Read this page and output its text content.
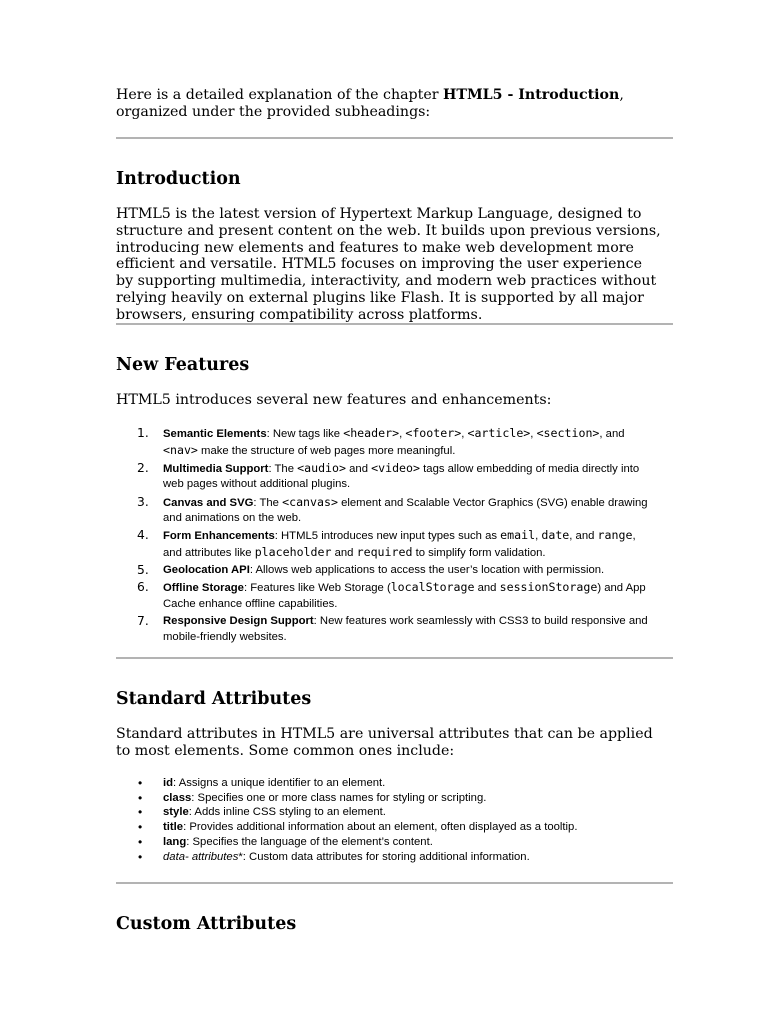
Here is a detailed explanation of the chapter HTML5 - Introduction, organized under the provided subheadings:

Introduction

HTML5 is the latest version of Hypertext Markup Language, designed to structure and present content on the web. It builds upon previous versions, introducing new elements and features to make web development more efficient and versatile. HTML5 focuses on improving the user experience by supporting multimedia, interactivity, and modern web practices without relying heavily on external plugins like Flash. It is supported by all major browsers, ensuring compatibility across platforms.

New Features

HTML5 introduces several new features and enhancements:

1. Semantic Elements: New tags like <header>, <footer>, <article>, <section>, and <nav> make the structure of web pages more meaningful.
2. Multimedia Support: The <audio> and <video> tags allow embedding of media directly into web pages without additional plugins.
3. Canvas and SVG: The <canvas> element and Scalable Vector Graphics (SVG) enable drawing and animations on the web.
4. Form Enhancements: HTML5 introduces new input types such as email, date, and range, and attributes like placeholder and required to simplify form validation.
5. Geolocation API: Allows web applications to access the user’s location with permission.
6. Offline Storage: Features like Web Storage (localStorage and sessionStorage) and App Cache enhance offline capabilities.
7. Responsive Design Support: New features work seamlessly with CSS3 to build responsive and mobile-friendly websites.
Standard Attributes

Standard attributes in HTML5 are universal attributes that can be applied to most elements. Some common ones include:

• id: Assigns a unique identifier to an element.
• class: Specifies one or more class names for styling or scripting.
• style: Adds inline CSS styling to an element.
• title: Provides additional information about an element, often displayed as a tooltip.
• lang: Specifies the language of the element’s content.
• data- attributes*: Custom data attributes for storing additional information.
Custom Attributes
